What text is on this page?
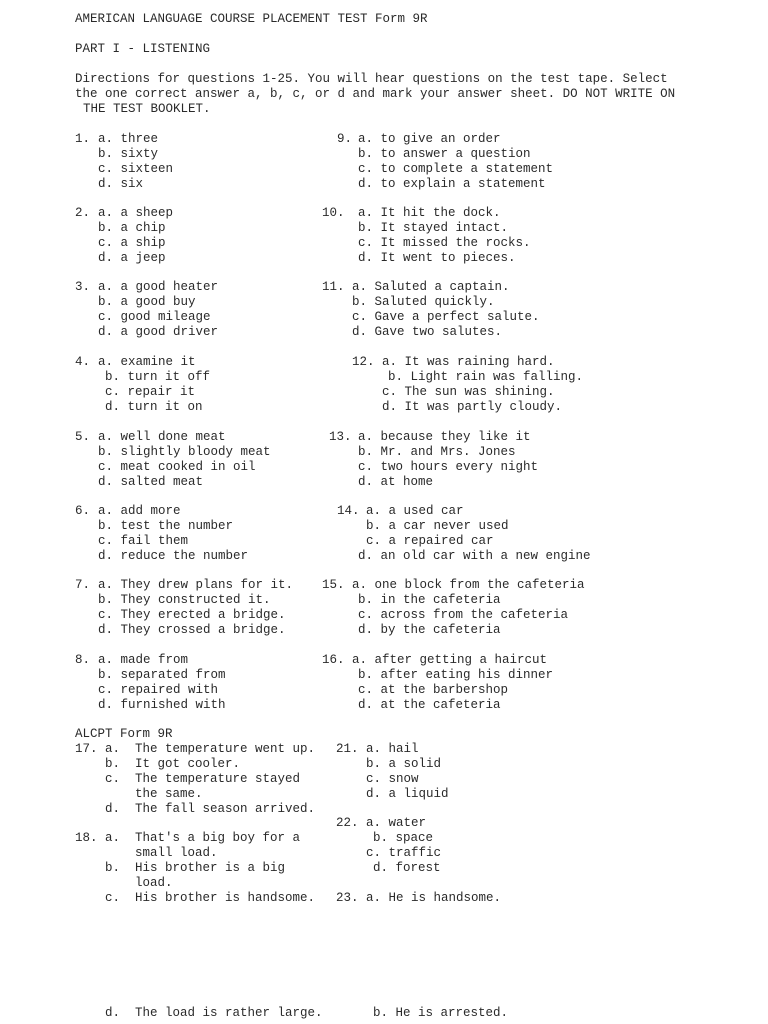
AMERICAN LANGUAGE COURSE PLACEMENT TEST Form 9R
PART I - LISTENING
Directions for questions 1-25. You will hear questions on the test tape. Select
the one correct answer a, b, c, or d and mark your answer sheet. DO NOT WRITE ON
THE TEST BOOKLET.
1. a. three
b. sixty
c. sixteen
d. six
2. a. a sheep
b. a chip
c. a ship
d. a jeep
3. a. a good heater
b. a good buy
c. good mileage
d. a good driver
4. a. examine it
b. turn it off
c. repair it
d. turn it on
5. a. well done meat
b. slightly bloody meat
c. meat cooked in oil
d. salted meat
6. a. add more
b. test the number
c. fail them
d. reduce the number
7. a. They drew plans for it.
b. They constructed it.
c. They erected a bridge.
d. They crossed a bridge.
8. a. made from
b. separated from
c. repaired with
d. furnished with
9. a. to give an order
b. to answer a question
c. to complete a statement
d. to explain a statement
10. a. It hit the dock.
b. It stayed intact.
c. It missed the rocks.
d. It went to pieces.
11. a. Saluted a captain.
b. Saluted quickly.
c. Gave a perfect salute.
d. Gave two salutes.
12. a. It was raining hard.
b. Light rain was falling.
c. The sun was shining.
d. It was partly cloudy.
13. a. because they like it
b. Mr. and Mrs. Jones
c. two hours every night
d. at home
14. a. a used car
b. a car never used
c. a repaired car
d. an old car with a new engine
15. a. one block from the cafeteria
b. in the cafeteria
c. across from the cafeteria
d. by the cafeteria
16. a. after getting a haircut
b. after eating his dinner
c. at the barbershop
d. at the cafeteria
ALCPT Form 9R
17. a. The temperature went up.
b. It got cooler.
c. The temperature stayed
the same.
d. The fall season arrived.
18. a. That's a big boy for a
small load.
b. His brother is a big
load.
c. His brother is handsome.
d. The load is rather large.
21. a. hail
b. a solid
c. snow
d. a liquid
22. a. water
b. space
c. traffic
d. forest
23. a. He is handsome.
b. He is arrested.
